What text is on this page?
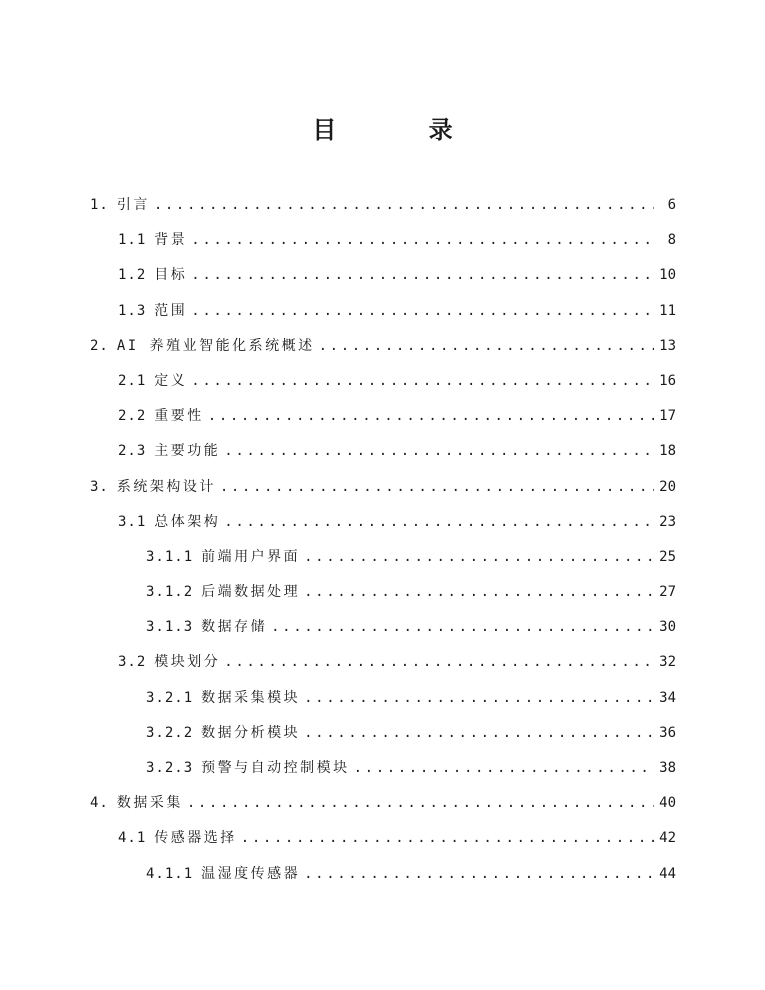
目 录
1. 引言 .....	6
1.1 背景 .....	8
1.2 目标 .....	10
1.3 范围 .....	11
2. AI 养殖业智能化系统概述 .....	13
2.1 定义 .....	16
2.2 重要性 .....	17
2.3 主要功能 .....	18
3. 系统架构设计 .....	20
3.1 总体架构 .....	23
3.1.1 前端用户界面 .....	25
3.1.2 后端数据处理 .....	27
3.1.3 数据存储 .....	30
3.2 模块划分 .....	32
3.2.1 数据采集模块 .....	34
3.2.2 数据分析模块 .....	36
3.2.3 预警与自动控制模块 .....	38
4. 数据采集 .....	40
4.1 传感器选择 .....	42
4.1.1 温湿度传感器 .....	44
